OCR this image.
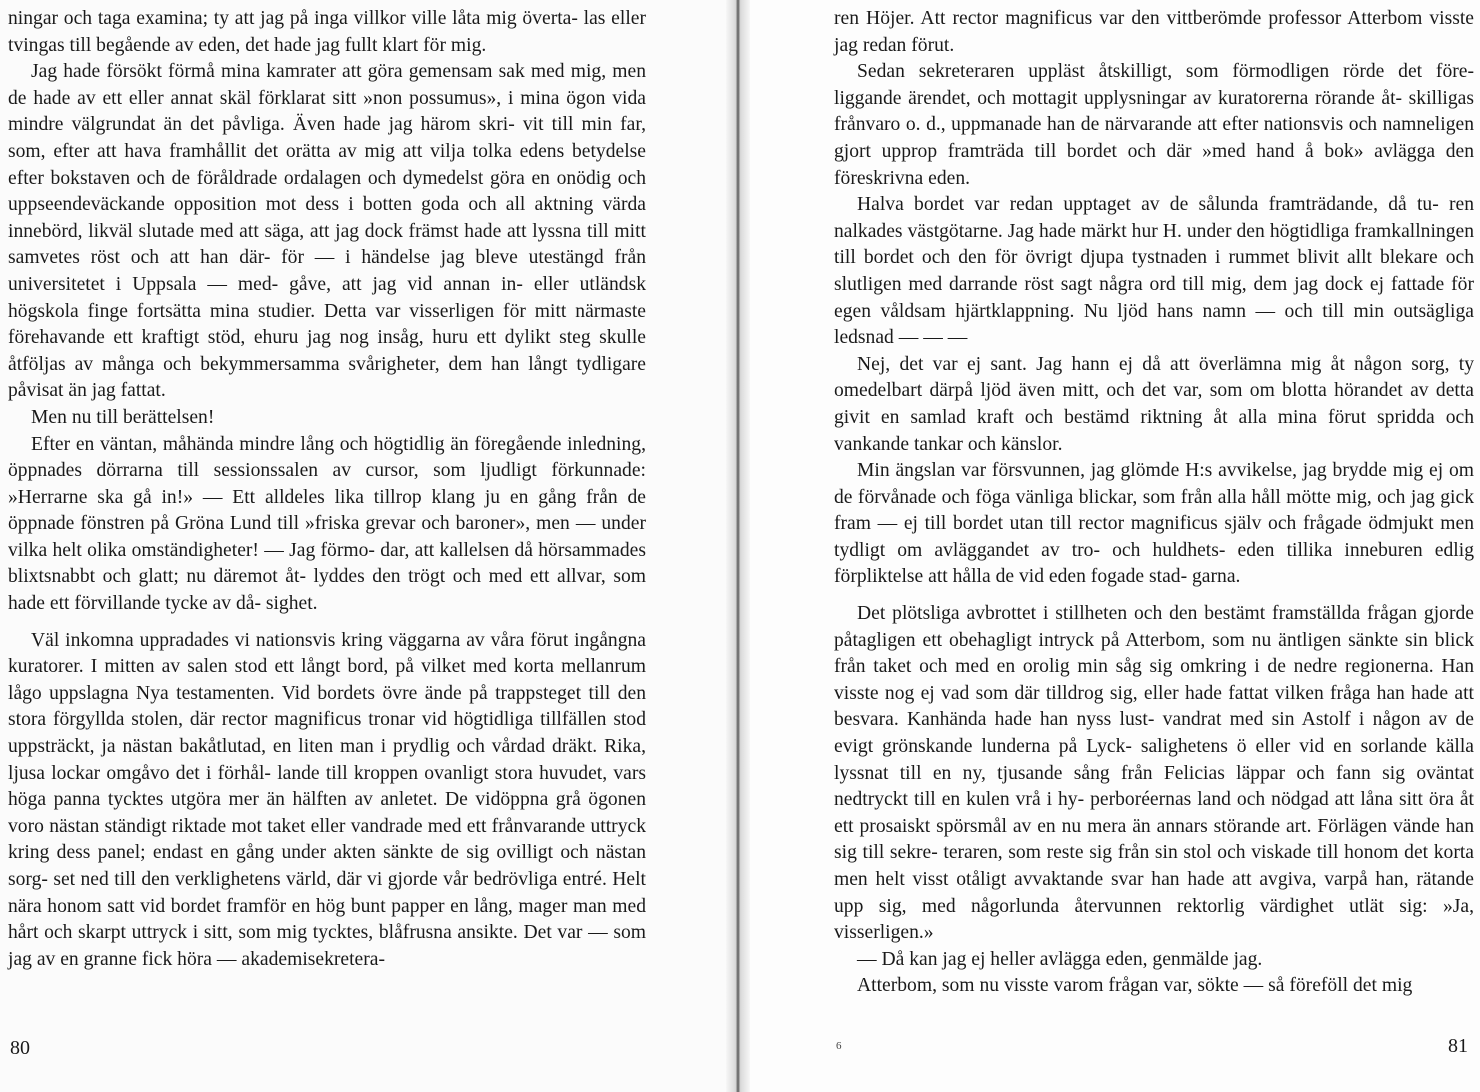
ningar och taga examina; ty att jag på inga villkor ville låta mig överta- las eller tvingas till begående av eden, det hade jag fullt klart för mig.

Jag hade försökt förmå mina kamrater att göra gemensam sak med mig, men de hade av ett eller annat skäl förklarat sitt »non possumus», i mina ögon vida mindre välgrundat än det påvliga. Även hade jag härom skri- vit till min far, som, efter att hava framhållit det orätta av mig att vilja tolka edens betydelse efter bokstaven och de föråldrade ordalagen och dymedelst göra en onödig och uppseendeväckande opposition mot dess i botten goda och all aktning värda innebörd, likväl slutade med att säga, att jag dock främst hade att lyssna till mitt samvetes röst och att han där- för — i händelse jag bleve utestängd från universitetet i Uppsala — med- gåve, att jag vid annan in- eller utländsk högskola finge fortsätta mina studier. Detta var visserligen för mitt närmaste förehavande ett kraftigt stöd, ehuru jag nog insåg, huru ett dylikt steg skulle åtföljas av många och bekymmersamma svårigheter, dem han långt tydligare påvisat än jag fattat.

Men nu till berättelsen!

Efter en väntan, måhända mindre lång och högtidlig än föregående inledning, öppnades dörrarna till sessionssalen av cursor, som ljudligt förkunnade: »Herrarne ska gå in!» — Ett alldeles lika tillrop klang ju en gång från de öppnade fönstren på Gröna Lund till »friska grevar och baroner», men — under vilka helt olika omständigheter! — Jag förmo- dar, att kallelsen då hörsammades blixtsnabbt och glatt; nu däremot åt- lyddes den trögt och med ett allvar, som hade ett förvillande tycke av då- sighet.

Väl inkomna uppradades vi nationsvis kring väggarna av våra förut ingångna kuratorer. I mitten av salen stod ett långt bord, på vilket med korta mellanrum lågo uppslagna Nya testamenten. Vid bordets övre ände på trappsteget till den stora förgyllda stolen, där rector magnificus tronar vid högtidliga tillfällen stod uppsträckt, ja nästan bakåtlutad, en liten man i prydlig och vårdad dräkt. Rika, ljusa lockar omgåvo det i förhål- lande till kroppen ovanligt stora huvudet, vars höga panna tycktes utgöra mer än hälften av anletet. De vidöppna grå ögonen voro nästan ständigt riktade mot taket eller vandrade med ett frånvarande uttryck kring dess panel; endast en gång under akten sänkte de sig ovilligt och nästan sorg- set ned till den verklighetens värld, där vi gjorde vår bedrövliga entré. Helt nära honom satt vid bordet framför en hög bunt papper en lång, mager man med hårt och skarpt uttryck i sitt, som mig tycktes, blåfrusna ansikte. Det var — som jag av en granne fick höra — akademisekretera-

80

ren Höjer. Att rector magnificus var den vittberömde professor Atterbom visste jag redan förut.

Sedan sekreteraren uppläst åtskilligt, som förmodligen rörde det före- liggande ärendet, och mottagit upplysningar av kuratorerna rörande åt- skilligas frånvaro o. d., uppmanade han de närvarande att efter nationsvis och namneligen gjort upprop framträda till bordet och där »med hand å bok» avlägga den föreskrivna eden.

Halva bordet var redan upptaget av de sålunda framträdande, då tu- ren nalkades västgötarne. Jag hade märkt hur H. under den högtidliga framkallningen till bordet och den för övrigt djupa tystnaden i rummet blivit allt blekare och slutligen med darrande röst sagt några ord till mig, dem jag dock ej fattade för egen våldsam hjärtklappning. Nu ljöd hans namn — och till min outsägliga ledsnad — — —

Nej, det var ej sant. Jag hann ej då att överlämna mig åt någon sorg, ty omedelbart därpå ljöd även mitt, och det var, som om blotta hörandet av detta givit en samlad kraft och bestämd riktning åt alla mina förut spridda och vankande tankar och känslor.

Min ängslan var försvunnen, jag glömde H:s avvikelse, jag brydde mig ej om de förvånade och föga vänliga blickar, som från alla håll mötte mig, och jag gick fram — ej till bordet utan till rector magnificus själv och frågade ödmjukt men tydligt om avläggandet av tro- och huldhets- eden tillika inneburen edlig förpliktelse att hålla de vid eden fogade stad- garna.

Det plötsliga avbrottet i stillheten och den bestämt framställda frågan gjorde påtagligen ett obehagligt intryck på Atterbom, som nu äntligen sänkte sin blick från taket och med en orolig min såg sig omkring i de nedre regionerna. Han visste nog ej vad som där tilldrog sig, eller hade fattat vilken fråga han hade att besvara. Kanhända hade han nyss lust- vandrat med sin Astolf i någon av de evigt grönskande lunderna på Lyck- salighetens ö eller vid en sorlande källa lyssnat till en ny, tjusande sång från Felicias läppar och fann sig oväntat nedtryckt till en kulen vrå i hy- perboréernas land och nödgad att låna sitt öra åt ett prosaiskt spörsmål av en nu mera än annars störande art. Förlägen vände han sig till sekre- teraren, som reste sig från sin stol och viskade till honom det korta men helt visst otåligt avvaktande svar han hade att avgiva, varpå han, rätande upp sig, med någorlunda återvunnen rektorlig värdighet utlät sig: »Ja, visserligen.»

— Då kan jag ej heller avlägga eden, genmälde jag.

Atterbom, som nu visste varom frågan var, sökte — så föreföll det mig

6	81
